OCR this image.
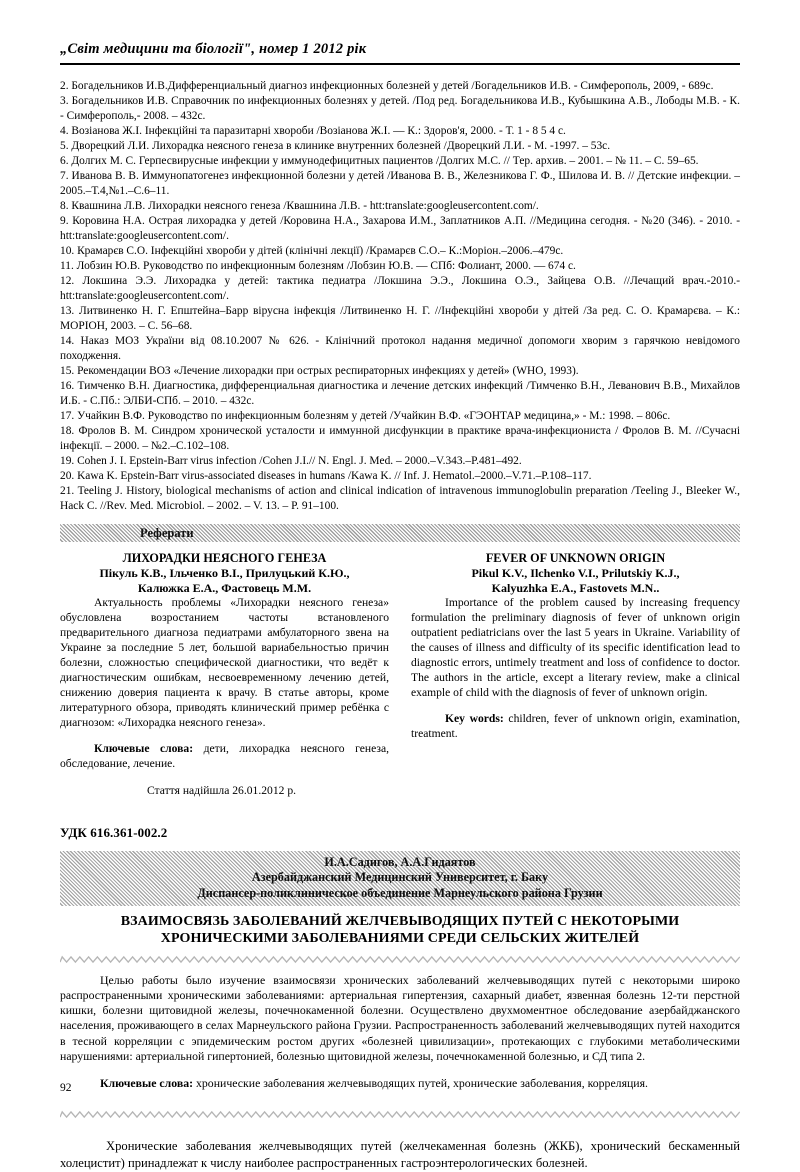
„Світ медицини та біології", номер 1 2012 рік

2. Богадельников И.В.Дифференциальный диагноз инфекционных болезней у детей /Богадельников И.В. - Симферополь, 2009, - 689с.

3. Богадельников И.В. Справочник по инфекционных болезнях у детей. /Под ред. Богадельникова И.В., Кубышкина А.В., Лободы М.В. - К. - Симферополь,- 2008. – 432с.

4. Возіанова Ж.І. Інфекційні та паразитарні хвороби /Возіанова Ж.І. — К.: Здоров'я, 2000. - Т. 1 - 8 5 4 с.

5. Дворецкий Л.И. Лихорадка неясного генеза в клинике внутренних болезней /Дворецкий Л.И. - М. -1997. – 53с.

6. Долгих М. С. Герпесвирусные инфекции у иммунодефицитных пациентов /Долгих М.С. // Тер. архив. – 2001. – № 11. – С. 59–65.

7. Иванова В. В. Иммунопатогенез инфекционной болезни у детей /Иванова В. В., Железникова Г. Ф., Шилова И. В. // Детские инфекции. – 2005.–Т.4,№1.–С.6–11.

8. Квашнина Л.В. Лихорадки неясного генеза /Квашнина Л.В. - htt:translate:googleusercontent.com/.

9. Коровина Н.А. Острая лихорадка у детей /Коровина Н.А., Захарова И.М., Заплатников А.П. //Медицина сегодня. - №20 (346). - 2010. -htt:translate:googleusercontent.com/.

10. Крамарєв С.О. Інфекційні хвороби у дітей (клінічні лекції) /Крамарєв С.О.– К.:Моріон.–2006.–479с.

11. Лобзин Ю.В. Руководство по инфекционным болезням /Лобзин Ю.В. — СПб: Фолиант, 2000. — 674 с.

12. Локшина Э.Э. Лихорадка у детей: тактика педиатра /Локшина Э.Э., Локшина О.Э., Зайцева О.В. //Лечащий врач.-2010.-htt:translate:googleusercontent.com/.

13. Литвиненко Н. Г. Епштейна–Барр вірусна інфекція /Литвиненко Н. Г. //Інфекційні хвороби у дітей /За ред. С. О. Крамарєва. – К.: МОРІОН, 2003. – С. 56–68.

14. Наказ МОЗ України від 08.10.2007 № 626. - Клінічний протокол надання медичної допомоги хворим з гарячкою невідомого походження.

15. Рекомендации ВОЗ «Лечение лихорадки при острых респираторных инфекциях у детей» (WHO, 1993).

16. Тимченко В.Н. Диагностика, дифференциальная диагностика и лечение детских инфекций /Тимченко В.Н., Леванович В.В., Михайлов И.Б. - С.Пб.: ЭЛБИ-СПб. – 2010. – 432с.

17. Учайкин В.Ф. Руководство по инфекционным болезням у детей /Учайкин В.Ф. «ГЭОНТАР медицина,» - М.: 1998. – 806с.

18. Фролов В. М. Синдром хронической усталости и иммунной дисфункции в практике врача-инфекциониста / Фролов В. М. //Сучасні інфекції. – 2000. – №2.–С.102–108.

19. Cohen J. I. Epstein-Barr virus infection /Cohen J.I.// N. Engl. J. Med. – 2000.–V.343.–P.481–492.

20. Kawa K. Epstein-Barr virus-associated diseases in humans /Kawa K. // Inf. J. Hematol.–2000.–V.71.–P.108–117.

21. Teeling J. History, biological mechanisms of action and clinical indication of intravenous immunoglobulin preparation /Teeling J., Bleeker W., Hack C. //Rev. Med. Microbiol. – 2002. – V. 13. – P. 91–100.

Реферати
ЛИХОРАДКИ НЕЯСНОГО ГЕНЕЗА
Пікуль К.В., Ільченко В.І., Прилуцький К.Ю.,
Калюжка Е.А., Фастовець М.М.

Актуальность проблемы «Лихорадки неясного генеза» обусловлена возростанием частоты встановленого предварительного диагноза педиатрами амбулаторного звена на Украине за последние 5 лет, большой вариабельностью причин болезни, сложностью специфической диагностики, что ведёт к диагностическим ошибкам, несвоевременному лечению детей, снижению доверия пациента к врачу. В статье авторы, кроме литературного обзора, приводять клинический пример ребёнка с диагнозом: «Лихорадка неясного генеза».

Ключевые слова: дети, лихорадка неясного генеза, обследование, лечение.

Стаття надійшла 26.01.2012 р.
FEVER OF UNKNOWN ORIGIN
Pikul K.V., Ilchenko V.I., Prilutskiy K.J.,
Kalyuzhka E.A., Fastovets M.N..

Importance of the problem caused by increasing frequency formulation the preliminary diagnosis of fever of unknown origin outpatient pediatricians over the last 5 years in Ukraine. Variability of the causes of illness and difficulty of its specific identification lead to diagnostic errors, untimely treatment and loss of confidence to doctor. The authors in the article, except a literary review, make a clinical example of child with the diagnosis of fever of unknown origin.

Key words: children, fever of unknown origin, examination, treatment.

УДК 616.361-002.2
И.А.Садигов, А.А.Гидаятов
Азербайджанский Медицинский Университет, г. Баку
Диспансер-поликлиническое объединение Марнеульского района Грузии
ВЗАИМОСВЯЗЬ ЗАБОЛЕВАНИЙ ЖЕЛЧЕВЫВОДЯЩИХ ПУТЕЙ С НЕКОТОРЫМИ
ХРОНИЧЕСКИМИ ЗАБОЛЕВАНИЯМИ СРЕДИ СЕЛЬСКИХ ЖИТЕЛЕЙ

Целью работы было изучение взаимосвязи хронических заболеваний желчевыводящих путей с некоторыми широко распространенными хроническими заболеваниями: артериальная гипертензия, сахарный диабет, язвенная болезнь 12-ти перстной кишки, болезни щитовидной железы, почечнокаменной болезни. Осуществлено двухмоментное обследование азербайджанского населения, проживающего в селах Марнеульского района Грузии. Распространенность заболеваний желчевыводящих путей находится в тесной корреляции с эпидемическим ростом других «болезней цивилизации», протекающих с глубокими метаболическими нарушениями: артериальной гипертонией, болезнью щитовидной железы, почечнокаменной болезнью, и СД типа 2.

Ключевые слова: хронические заболевания желчевыводящих путей, хронические заболевания, корреляция.

Хронические заболевания желчевыводящих путей (желчекаменная болезнь (ЖКБ), хронический бескаменный холецистит) принадлежат к числу наиболее распространенных гастроэнтерологических болезней.

92
